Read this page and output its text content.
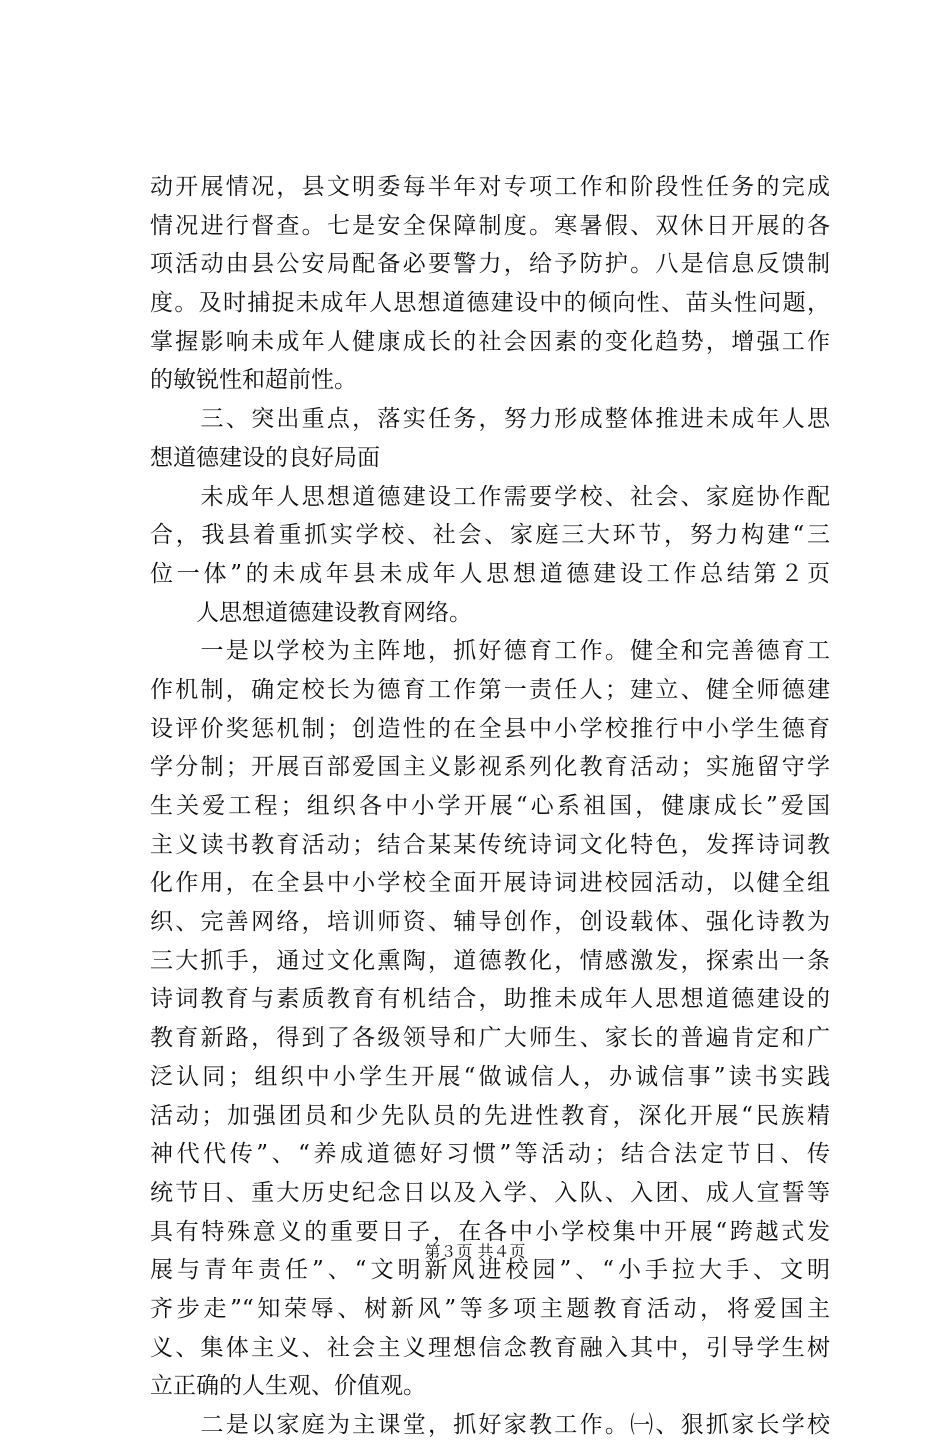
动开展情况，县文明委每半年对专项工作和阶段性任务的完成
情况进行督查。七是安全保障制度。寒暑假、双休日开展的各
项活动由县公安局配备必要警力，给予防护。八是信息反馈制
度。及时捕捉未成年人思想道德建设中的倾向性、苗头性问题，
掌握影响未成年人健康成长的社会因素的变化趋势，增强工作
的敏锐性和超前性。
　　三、突出重点，落实任务，努力形成整体推进未成年人思
想道德建设的良好局面
　　未成年人思想道德建设工作需要学校、社会、家庭协作配
合，我县着重抓实学校、社会、家庭三大环节，努力构建“三
位一体”的未成年县未成年人思想道德建设工作总结第２页
　　人思想道德建设教育网络。
　　一是以学校为主阵地，抓好德育工作。健全和完善德育工
作机制，确定校长为德育工作第一责任人；建立、健全师德建
设评价奖惩机制；创造性的在全县中小学校推行中小学生德育
学分制；开展百部爱国主义影视系列化教育活动；实施留守学
生关爱工程；组织各中小学开展“心系祖国，健康成长”爱国
主义读书教育活动；结合某某传统诗词文化特色，发挥诗词教
化作用，在全县中小学校全面开展诗词进校园活动，以健全组
织、完善网络，培训师资、辅导创作，创设载体、强化诗教为
三大抓手，通过文化熏陶，道德教化，情感激发，探索出一条
诗词教育与素质教育有机结合，助推未成年人思想道德建设的
教育新路，得到了各级领导和广大师生、家长的普遍肯定和广
泛认同；组织中小学生开展“做诚信人，办诚信事”读书实践
活动；加强团员和少先队员的先进性教育，深化开展“民族精
神代代传”、“养成道德好习惯”等活动；结合法定节日、传
统节日、重大历史纪念日以及入学、入队、入团、成人宣誓等
具有特殊意义的重要日子，在各中小学校集中开展“跨越式发
展与青年责任”、“文明新风进校园”、“小手拉大手、文明
齐步走”“知荣辱、树新风”等多项主题教育活动，将爱国主
义、集体主义、社会主义理想信念教育融入其中，引导学生树
立正确的人生观、价值观。
　　二是以家庭为主课堂，抓好家教工作。㈠、狠抓家长学校
第３页 共４页
